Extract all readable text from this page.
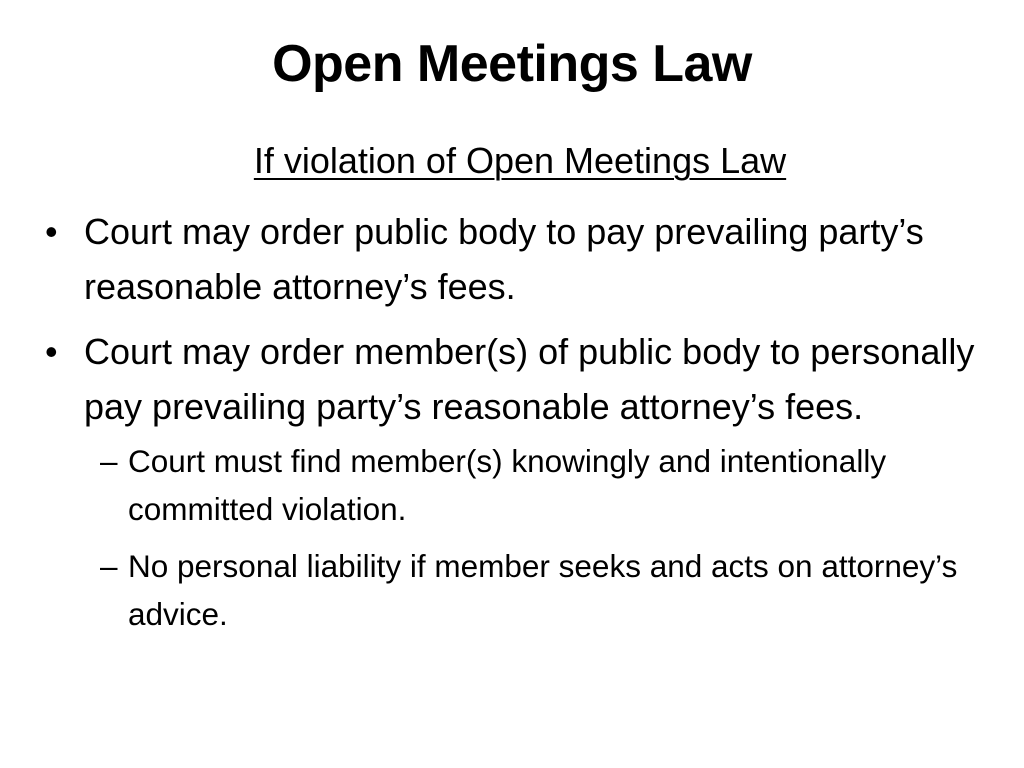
Open Meetings Law
If violation of Open Meetings Law
• Court may order public body to pay prevailing party’s reasonable attorney’s fees.
• Court may order member(s) of public body to personally pay prevailing party’s reasonable attorney’s fees.
– Court must find member(s) knowingly and intentionally committed violation.
– No personal liability if member seeks and acts on attorney’s advice.
